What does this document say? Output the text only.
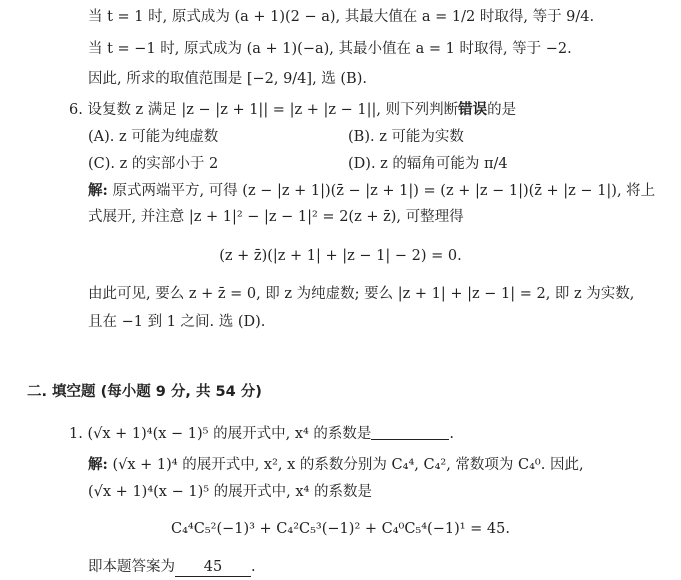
当 t = 1 时, 原式成为 (a + 1)(2 − a), 其最大值在 a = 1/2 时取得, 等于 9/4.
当 t = −1 时, 原式成为 (a + 1)(−a), 其最小值在 a = 1 时取得, 等于 −2.
因此, 所求的取值范围是 [−2, 9/4], 选 (B).
6. 设复数 z 满足 |z − |z + 1|| = |z + |z − 1||, 则下列判断错误的是
(A). z 可能为纯虚数	(B). z 可能为实数
(C). z 的实部小于 2	(D). z 的辐角可能为 π/4
解: 原式两端平方, 可得 (z − |z + 1|)(z̄ − |z + 1|) = (z + |z − 1|)(z̄ + |z − 1|), 将上
式展开, 并注意 |z + 1|² − |z − 1|² = 2(z + z̄), 可整理得
(z + z̄)(|z + 1| + |z − 1| − 2) = 0.
由此可见, 要么 z + z̄ = 0, 即 z 为纯虚数; 要么 |z + 1| + |z − 1| = 2, 即 z 为实数,
且在 −1 到 1 之间. 选 (D).
二. 填空题 (每小题 9 分, 共 54 分)
1. (√x + 1)⁴(x − 1)⁵ 的展开式中, x⁴ 的系数是	.
解: (√x + 1)⁴ 的展开式中, x², x 的系数分别为 C₄⁴, C₄², 常数项为 C₄⁰. 因此,
(√x + 1)⁴(x − 1)⁵ 的展开式中, x⁴ 的系数是
C₄⁴C₅²(−1)³ + C₄²C₅³(−1)² + C₄⁰C₅⁴(−1)¹ = 45.
即本题答案为 45 .
